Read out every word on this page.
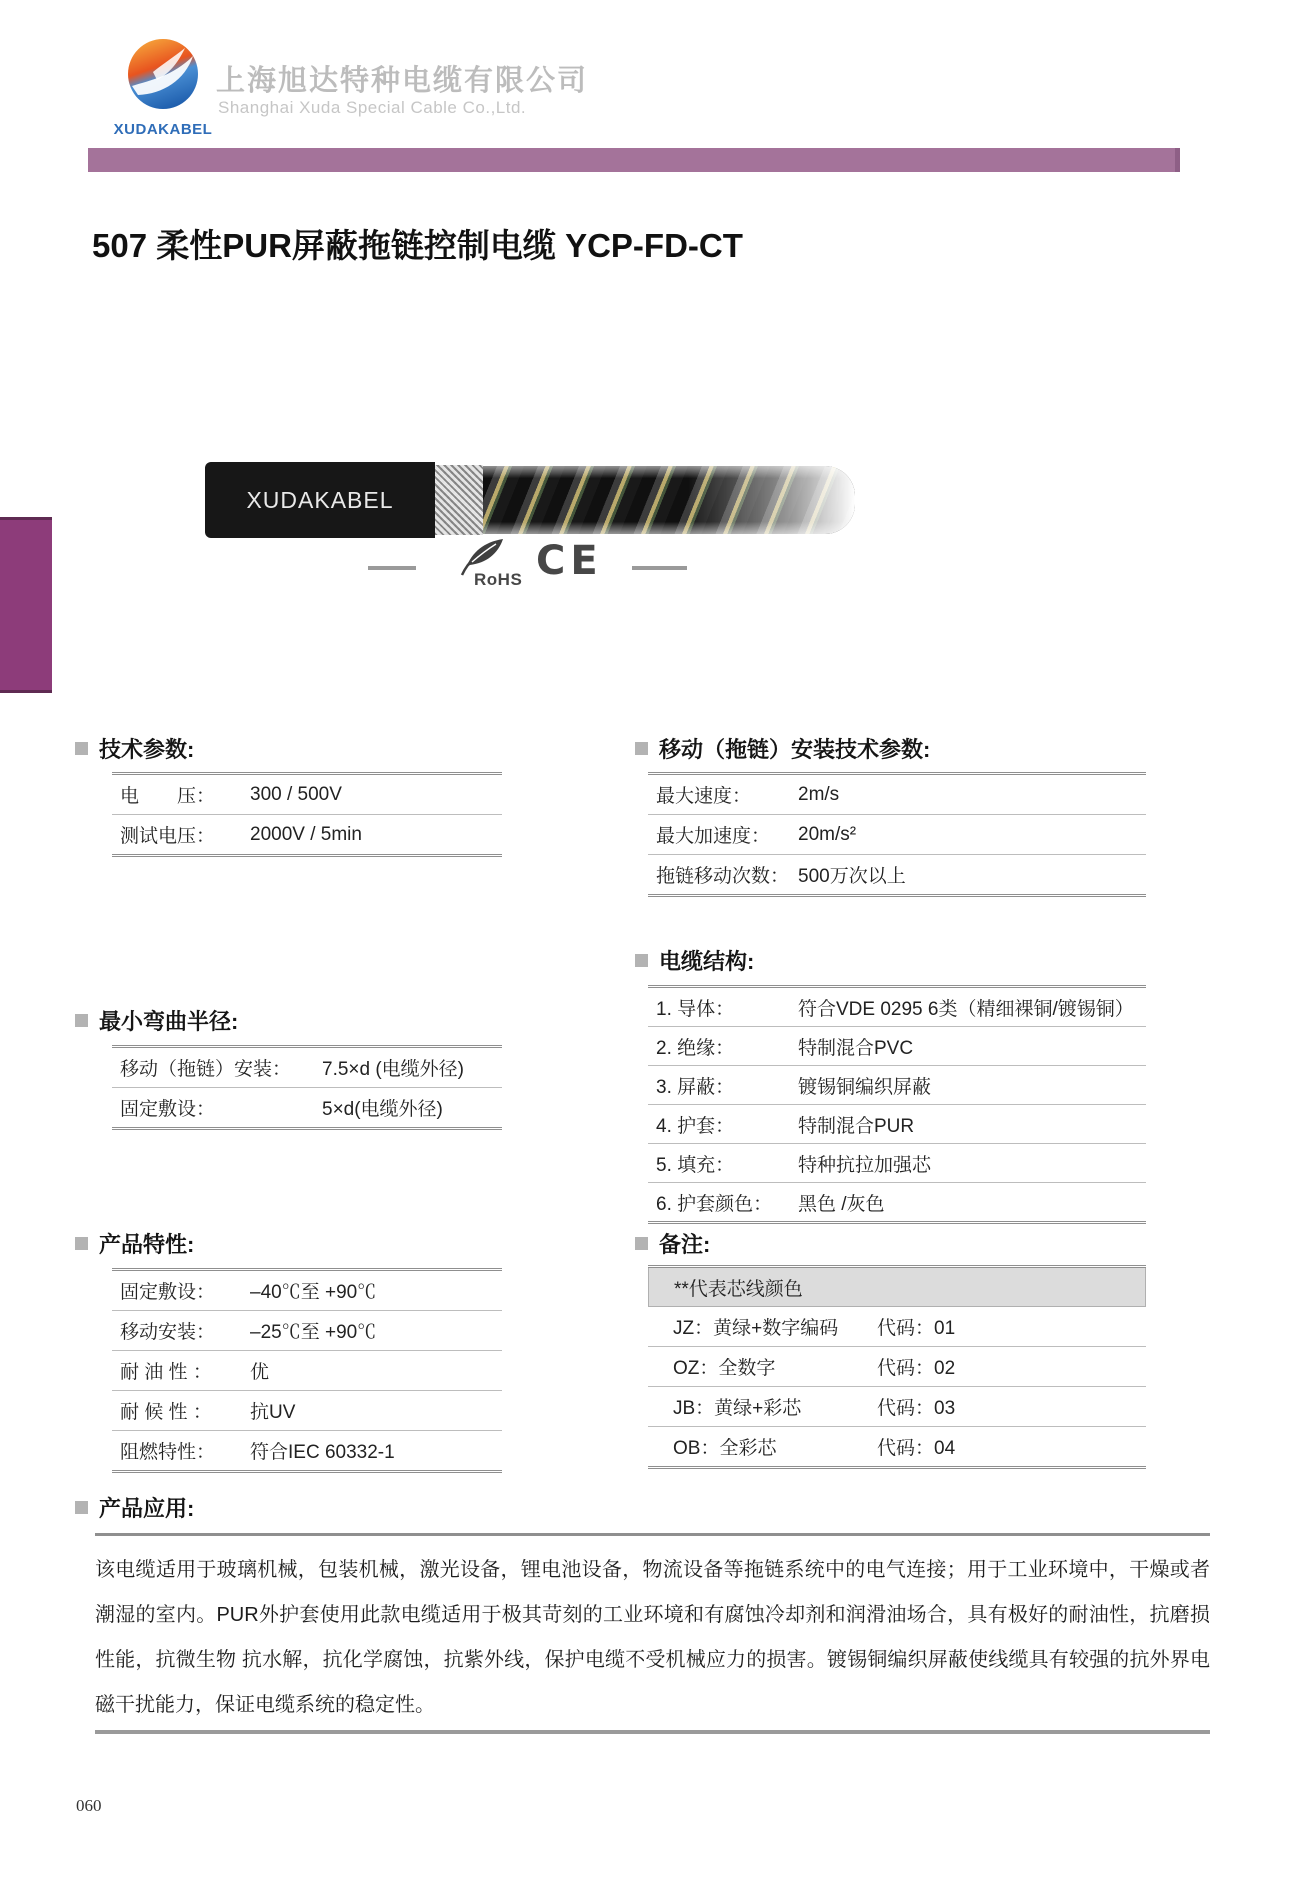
XUDAKABEL
上海旭达特种电缆有限公司
Shanghai Xuda Special Cable Co.,Ltd.
507 柔性PUR屏蔽拖链控制电缆 YCP-FD-CT
XUDAKABEL
RoHS CE
技术参数:
电　　压：	300 / 500V
测试电压：	2000V / 5min
移动（拖链）安装技术参数:
最大速度：	2m/s
最大加速度：	20m/s²
拖链移动次数： 500万次以上
电缆结构:
1. 导体：	符合VDE 0295 6类（精细裸铜/镀锡铜）
2. 绝缘：	特制混合PVC
3. 屏蔽：	镀锡铜编织屏蔽
4. 护套：	特制混合PUR
5. 填充：	特种抗拉加强芯
6. 护套颜色：	黑色 /灰色
最小弯曲半径:
移动（拖链）安装：	7.5×d (电缆外径)
固定敷设：	5×d(电缆外径)
产品特性:
固定敷设：	–40℃至 +90℃
移动安装：	–25℃至 +90℃
耐 油 性 ：	优
耐 候 性 ：	抗UV
阻燃特性：	符合IEC 60332-1
备注:
**代表芯线颜色
JZ：黄绿+数字编码	代码：01
OZ：全数字	代码：02
JB：黄绿+彩芯	代码：03
OB：全彩芯	代码：04
产品应用:
该电缆适用于玻璃机械，包装机械，激光设备，锂电池设备，物流设备等拖链系统中的电气连接；用于工业环境中，干燥或者潮湿的室内。PUR外护套使用此款电缆适用于极其苛刻的工业环境和有腐蚀冷却剂和润滑油场合，具有极好的耐油性，抗磨损性能，抗微生物 抗水解，抗化学腐蚀，抗紫外线，保护电缆不受机械应力的损害。镀锡铜编织屏蔽使线缆具有较强的抗外界电磁干扰能力，保证电缆系统的稳定性。
060
